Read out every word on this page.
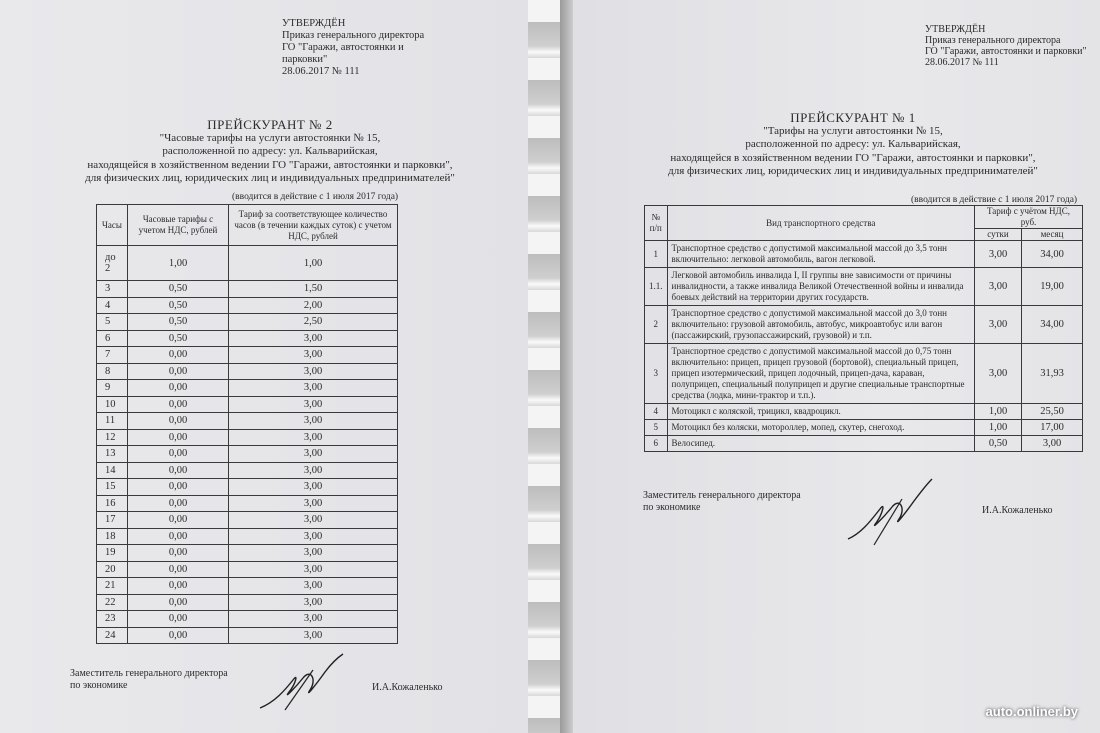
УТВЕРЖДЁН
Приказ генерального директора
ГО "Гаражи, автостоянки и
парковки"
28.06.2017 № 111
ПРЕЙСКУРАНТ № 2
"Часовые тарифы на услуги автостоянки № 15,
расположенной по адресу: ул. Кальварийская,
находящейся в хозяйственном ведении ГО "Гаражи, автостоянки и парковки",
для физических лиц, юридических лиц и индивидуальных предпринимателей"
(вводится в действие с 1 июля 2017 года)
Часы	Часовые тарифы с учетом НДС, рублей	Тариф за соответствующее количество часов (в течении каждых суток) с учетом НДС, рублей
до 2	1,00	1,00
3	0,50	1,50
4	0,50	2,00
5	0,50	2,50
6	0,50	3,00
7	0,00	3,00
8	0,00	3,00
9	0,00	3,00
10	0,00	3,00
11	0,00	3,00
12	0,00	3,00
13	0,00	3,00
14	0,00	3,00
15	0,00	3,00
16	0,00	3,00
17	0,00	3,00
18	0,00	3,00
19	0,00	3,00
20	0,00	3,00
21	0,00	3,00
22	0,00	3,00
23	0,00	3,00
24	0,00	3,00
Заместитель генерального директора
по экономике	И.А.Кожаленько
УТВЕРЖДЁН
Приказ генерального директора
ГО "Гаражи, автостоянки и парковки"
28.06.2017 № 111
ПРЕЙСКУРАНТ № 1
"Тарифы на услуги автостоянки № 15,
расположенной по адресу: ул. Кальварийская,
находящейся в хозяйственном ведении ГО "Гаражи, автостоянки и парковки",
для физических лиц, юридических лиц и индивидуальных предпринимателей"
(вводится в действие с 1 июля 2017 года)
№ п/п	Вид транспортного средства	Тариф с учётом НДС, руб.	
		сутки	месяц
1	Транспортное средство с допустимой максимальной массой до 3,5 тонн включительно: легковой автомобиль, вагон легковой.	3,00	34,00
1.1.	Легковой автомобиль инвалида I, II группы вне зависимости от причины инвалидности, а также инвалида Великой Отечественной войны и инвалида боевых действий на территории других государств.	3,00	19,00
2	Транспортное средство с допустимой максимальной массой до 3,0 тонн включительно: грузовой автомобиль, автобус, микроавтобус или вагон (пассажирский, грузопассажирский, грузовой) и т.п.	3,00	34,00
3	Транспортное средство с допустимой максимальной массой до 0,75 тонн включительно: прицеп, прицеп грузовой (бортовой), специальный прицеп, прицеп изотермический, прицеп лодочный, прицеп-дача, караван, полуприцеп, специальный полуприцеп и другие специальные транспортные средства (лодка, мини-трактор и т.п.).	3,00	31,93
4	Мотоцикл с коляской, трицикл, квадроцикл.	1,00	25,50
5	Мотоцикл без коляски, мотороллер, мопед, скутер, снегоход.	1,00	17,00
6	Велосипед.	0,50	3,00
Заместитель генерального директора
по экономике	И.А.Кожаленько
auto.onliner.by
